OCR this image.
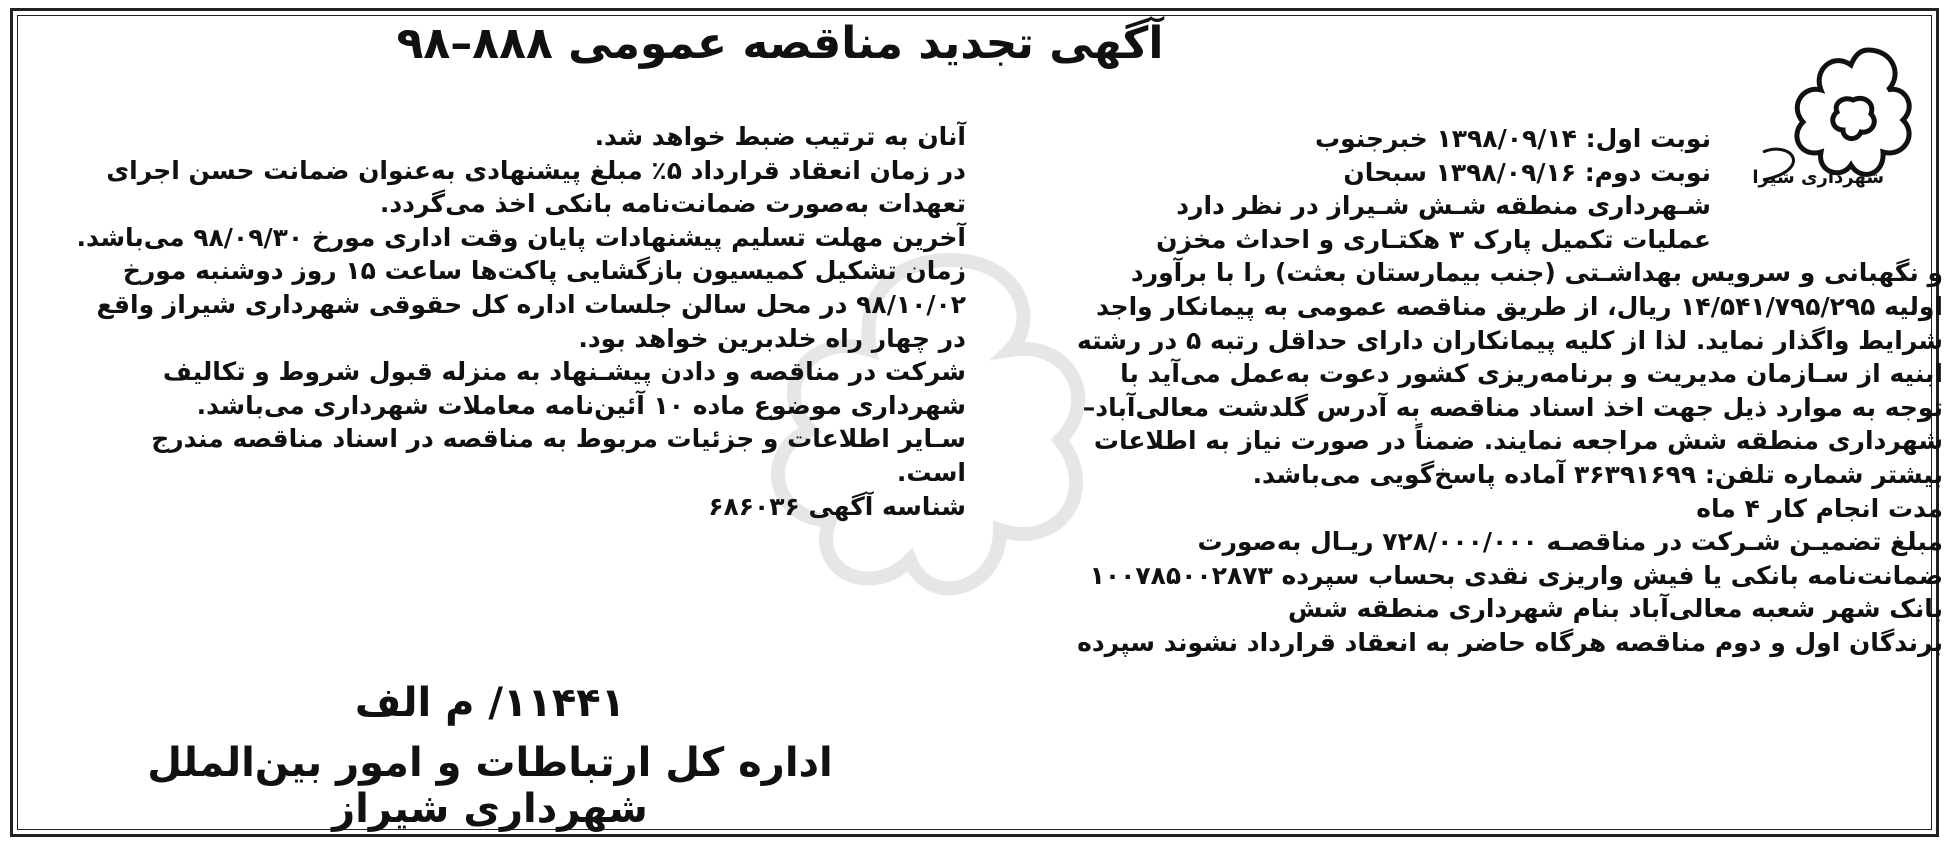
آگهی تجدید مناقصه عمومی ۸۸۸–۹۸
شهرداری شیراز
نوبت اول: ۱۳۹۸/۰۹/۱۴ خبرجنوب
نوبت دوم: ۱۳۹۸/۰۹/۱۶ سبحان
شـهرداری منطقه شـش شـیراز در نظر دارد
عملیات تکمیل پارک ۳ هکتـاری و احداث مخزن
و نگهبانی و سرویس بهداشـتی (جنب بیمارستان بعثت) را با برآورد
اولیه ۱۴/۵۴۱/۷۹۵/۲۹۵ ریال، از طریق مناقصه عمومی به پیمانکار واجد
شرایط واگذار نماید. لذا از کلیه پیمانکاران دارای حداقل رتبه ۵ در رشته
ابنیه از سـازمان مدیریت و برنامه‌ریزی کشور دعوت به‌عمل می‌آید با
توجه به موارد ذیل جهت اخذ اسناد مناقصه به آدرس گلدشت معالی‌آباد–
شهرداری منطقه شش مراجعه نمایند. ضمناً در صورت نیاز به اطلاعات
بیشتر شماره تلفن: ۳۶۳۹۱۶۹۹ آماده پاسخ‌گویی می‌باشد.
مدت انجام کار ۴ ماه
مبلغ تضمیـن شـرکت در مناقصـه ۷۲۸/۰۰۰/۰۰۰ ریـال به‌صورت
ضمانت‌نامه بانکی یا فیش واریزی نقدی بحساب سپرده ۱۰۰۷۸۵۰۰۲۸۷۳
بانک شهر شعبه معالی‌آباد بنام شهرداری منطقه شش
برندگان اول و دوم مناقصه هرگاه حاضر به انعقاد قرارداد نشوند سپرده
آنان به ترتیب ضبط خواهد شد.
در زمان انعقاد قرارداد ۵٪ مبلغ پیشنهادی به‌عنوان ضمانت حسن اجرای
تعهدات به‌صورت ضمانت‌نامه بانکی اخذ می‌گردد.
آخرین مهلت تسلیم پیشنهادات پایان وقت اداری مورخ ۹۸/۰۹/۳۰ می‌باشد.
زمان تشکیل کمیسیون بازگشایی پاکت‌ها ساعت ۱۵ روز دوشنبه مورخ
۹۸/۱۰/۰۲ در محل سالن جلسات اداره کل حقوقی شهرداری شیراز واقع
در چهار راه خلدبرین خواهد بود.
شرکت در مناقصه و دادن پیشـنهاد به منزله قبول شروط و تکالیف
شهرداری موضوع ماده ۱۰ آئین‌نامه معاملات شهرداری می‌باشد.
سـایر اطلاعات و جزئیات مربوط به مناقصه در اسناد مناقصه مندرج
است.
شناسه آگهی ۶۸۶۰۳۶
۱۱۴۴۱/ م الف
اداره کل ارتباطات و امور بین‌الملل شهرداری شیراز
